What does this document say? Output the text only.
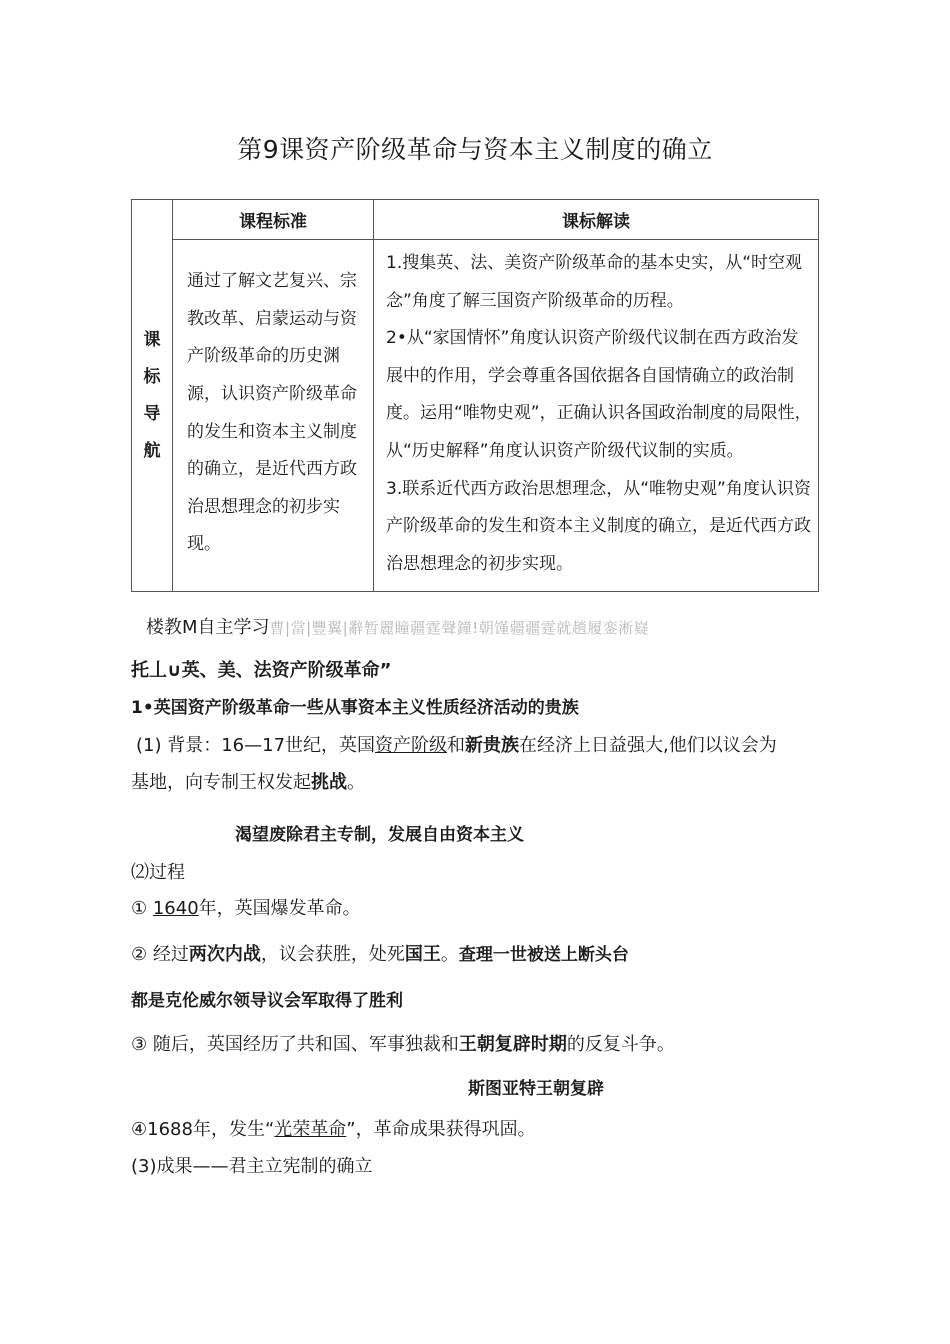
第9课资产阶级革命与资本主义制度的确立
课
标
导
航	课程标准	课标解读
	通过了解文艺复兴、宗教改革、启蒙运动与资产阶级革命的历史渊源，认识资产阶级革命的发生和资本主义制度的确立，是近代西方政治思想理念的初步实现。	1.搜集英、法、美资产阶级革命的基本史实，从“时空观念”角度了解三国资产阶级革命的历程。

2•从“家国情怀”角度认识资产阶级代议制在西方政治发展中的作用，学会尊重各国依据各自国情确立的政治制度。运用“唯物史观”，正确认识各国政治制度的局限性，从“历史解释”角度认识资产阶级代议制的实质。

3.联系近代西方政治思想理念，从“唯物史观”角度认识资产阶级革命的发生和资本主义制度的确立，是近代西方政治思想理念的初步实现。

楼教M自主学习曹|當|豐翼|辭暂麗瞳疆霆聲鐘!朝馑疆疆霆就趟履銮淅嶷
托丄∪英、美、法资产阶级革命”
1•英国资产阶级革命一些从事资本主义性质经济活动的贵族
(1) 背景：16—17世纪，英国资产阶级和新贵族在经济上日益强大,他们以议会为
基地，向专制王权发起挑战。
渴望废除君主专制，发展自由资本主义
⑵过程
① 1640年，英国爆发革命。
② 经过两次内战，议会获胜，处死国王。查理一世被送上断头台
都是克伦威尔领导议会军取得了胜利
③ 随后，英国经历了共和国、军事独裁和王朝复辟时期的反复斗争。
斯图亚特王朝复辟
④1688年，发生“光荣革命”，革命成果获得巩固。
(3)成果——君主立宪制的确立
